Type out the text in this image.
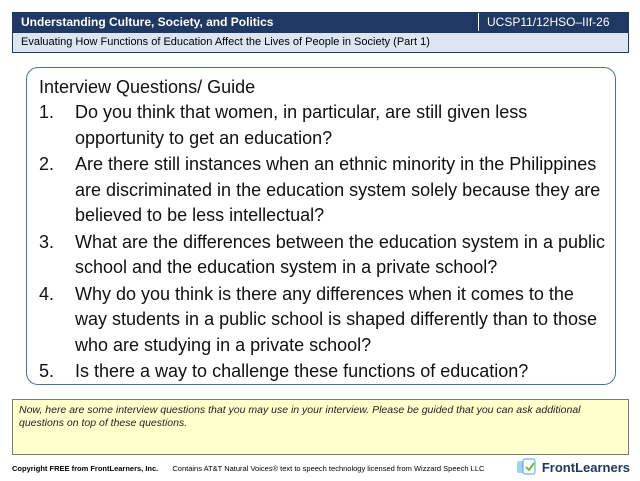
Understanding Culture, Society, and Politics	UCSP11/12HSO–IIf-26
Evaluating How Functions of Education Affect the Lives of People in Society (Part 1)
Interview Questions/ Guide
1.	Do you think that women, in particular, are still given less opportunity to get an education?
2.	Are there still instances when an ethnic minority in the Philippines are discriminated in the education system solely because they are believed to be less intellectual?
3.	What are the differences between the education system in a public school and the education system in a private school?
4.	Why do you think is there any differences when it comes to the way students in a public school is shaped differently than to those who are studying in a private school?
5.	Is there a way to challenge these functions of education?
Now, here are some interview questions that you may use in your interview. Please be guided that you can ask additional questions on top of these questions.
Copyright FREE from FrontLearners, Inc. Contains AT&T Natural Voices® text to speech technology licensed from Wizzard Speech LLC	FrontLearners
